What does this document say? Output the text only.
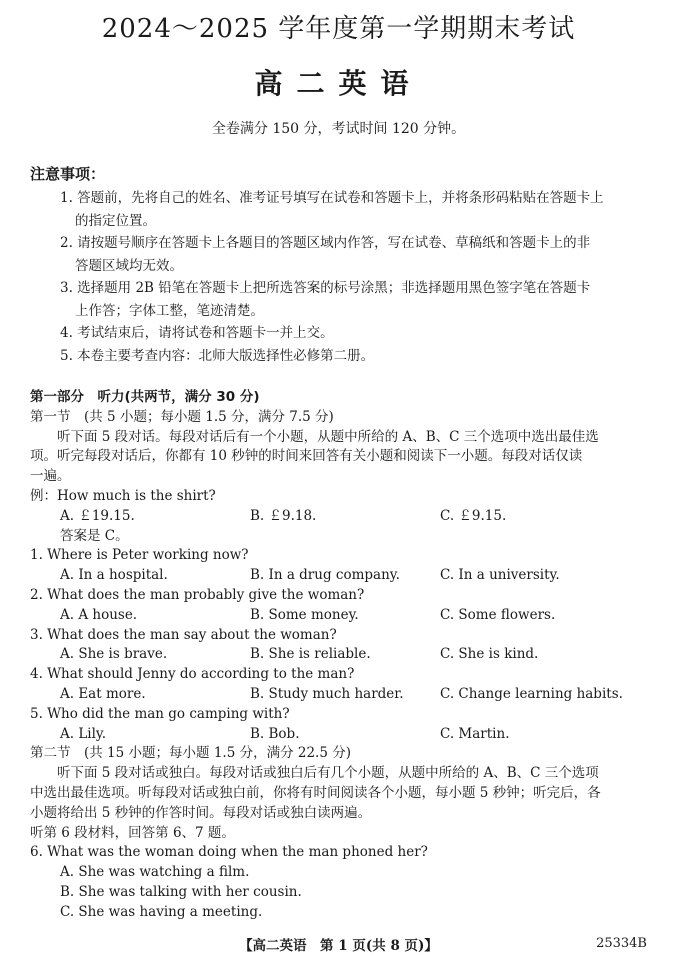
2024～2025 学年度第一学期期末考试
高二英语
全卷满分 150 分，考试时间 120 分钟。
注意事项：
1. 答题前，先将自己的姓名、准考证号填写在试卷和答题卡上，并将条形码粘贴在答题卡上
的指定位置。
2. 请按题号顺序在答题卡上各题目的答题区域内作答，写在试卷、草稿纸和答题卡上的非
答题区域均无效。
3. 选择题用 2B 铅笔在答题卡上把所选答案的标号涂黑；非选择题用黑色签字笔在答题卡
上作答；字体工整，笔迹清楚。
4. 考试结束后，请将试卷和答题卡一并上交。
5. 本卷主要考查内容：北师大版选择性必修第二册。
第一部分　听力(共两节，满分 30 分)
第一节　(共 5 小题；每小题 1.5 分，满分 7.5 分)
听下面 5 段对话。每段对话后有一个小题，从题中所给的 A、B、C 三个选项中选出最佳选
项。听完每段对话后，你都有 10 秒钟的时间来回答有关小题和阅读下一小题。每段对话仅读
一遍。
例：How much is the shirt?
A. ￡19.15.	B. ￡9.18.	C. ￡9.15.
答案是 C。
1. Where is Peter working now?
A. In a hospital.	B. In a drug company.	C. In a university.
2. What does the man probably give the woman?
A. A house.	B. Some money.	C. Some flowers.
3. What does the man say about the woman?
A. She is brave.	B. She is reliable.	C. She is kind.
4. What should Jenny do according to the man?
A. Eat more.	B. Study much harder.	C. Change learning habits.
5. Who did the man go camping with?
A. Lily.	B. Bob.	C. Martin.
第二节　(共 15 小题；每小题 1.5 分，满分 22.5 分)
听下面 5 段对话或独白。每段对话或独白后有几个小题，从题中所给的 A、B、C 三个选项
中选出最佳选项。听每段对话或独白前，你将有时间阅读各个小题，每小题 5 秒钟；听完后，各
小题将给出 5 秒钟的作答时间。每段对话或独白读两遍。
听第 6 段材料，回答第 6、7 题。
6. What was the woman doing when the man phoned her?
A. She was watching a film.
B. She was talking with her cousin.
C. She was having a meeting.
【高二英语　第 1 页(共 8 页)】	25334B
